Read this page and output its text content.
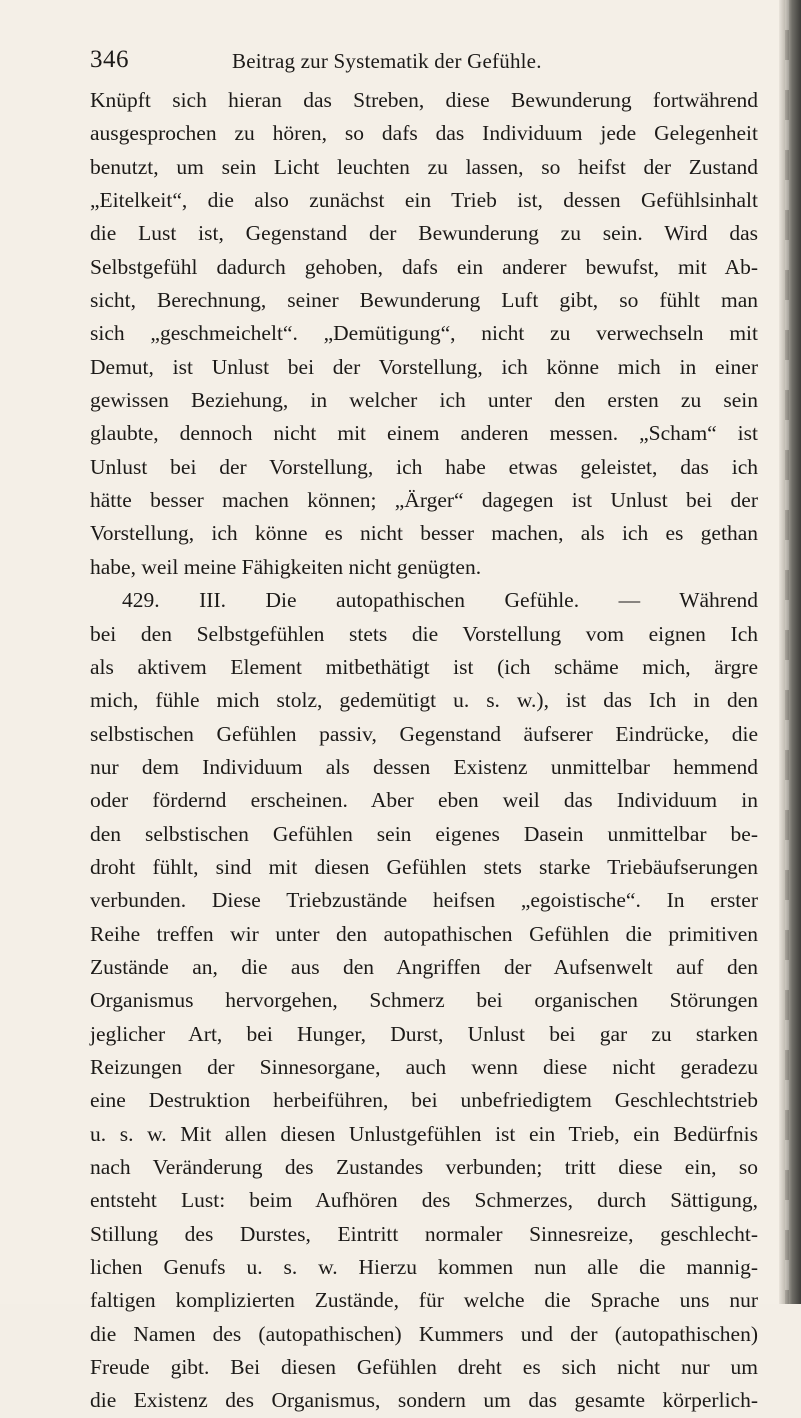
346	Beitrag zur Systematik der Gefühle.
Knüpft sich hieran das Streben, diese Bewunderung fortwährend
ausgesprochen zu hören, so dafs das Individuum jede Gelegenheit
benutzt, um sein Licht leuchten zu lassen, so heifst der Zustand
„Eitelkeit“, die also zunächst ein Trieb ist, dessen Gefühlsinhalt
die Lust ist, Gegenstand der Bewunderung zu sein. Wird das
Selbstgefühl dadurch gehoben, dafs ein anderer bewufst, mit Ab-
sicht, Berechnung, seiner Bewunderung Luft gibt, so fühlt man
sich „geschmeichelt“. „Demütigung“, nicht zu verwechseln mit
Demut, ist Unlust bei der Vorstellung, ich könne mich in einer
gewissen Beziehung, in welcher ich unter den ersten zu sein
glaubte, dennoch nicht mit einem anderen messen. „Scham“ ist
Unlust bei der Vorstellung, ich habe etwas geleistet, das ich
hätte besser machen können; „Ärger“ dagegen ist Unlust bei der
Vorstellung, ich könne es nicht besser machen, als ich es gethan
habe, weil meine Fähigkeiten nicht genügten.
429. III. Die autopathischen Gefühle. — Während
bei den Selbstgefühlen stets die Vorstellung vom eignen Ich
als aktivem Element mitbethätigt ist (ich schäme mich, ärgre
mich, fühle mich stolz, gedemütigt u. s. w.), ist das Ich in den
selbstischen Gefühlen passiv, Gegenstand äufserer Eindrücke, die
nur dem Individuum als dessen Existenz unmittelbar hemmend
oder fördernd erscheinen. Aber eben weil das Individuum in
den selbstischen Gefühlen sein eigenes Dasein unmittelbar be-
droht fühlt, sind mit diesen Gefühlen stets starke Triebäufserungen
verbunden. Diese Triebzustände heifsen „egoistische“. In erster
Reihe treffen wir unter den autopathischen Gefühlen die primitiven
Zustände an, die aus den Angriffen der Aufsenwelt auf den
Organismus hervorgehen, Schmerz bei organischen Störungen
jeglicher Art, bei Hunger, Durst, Unlust bei gar zu starken
Reizungen der Sinnesorgane, auch wenn diese nicht geradezu
eine Destruktion herbeiführen, bei unbefriedigtem Geschlechtstrieb
u. s. w. Mit allen diesen Unlustgefühlen ist ein Trieb, ein Bedürfnis
nach Veränderung des Zustandes verbunden; tritt diese ein, so
entsteht Lust: beim Aufhören des Schmerzes, durch Sättigung,
Stillung des Durstes, Eintritt normaler Sinnesreize, geschlecht-
lichen Genufs u. s. w. Hierzu kommen nun alle die mannig-
faltigen komplizierten Zustände, für welche die Sprache uns nur
die Namen des (autopathischen) Kummers und der (autopathischen)
Freude gibt. Bei diesen Gefühlen dreht es sich nicht nur um
die Existenz des Organismus, sondern um das gesamte körperlich-
